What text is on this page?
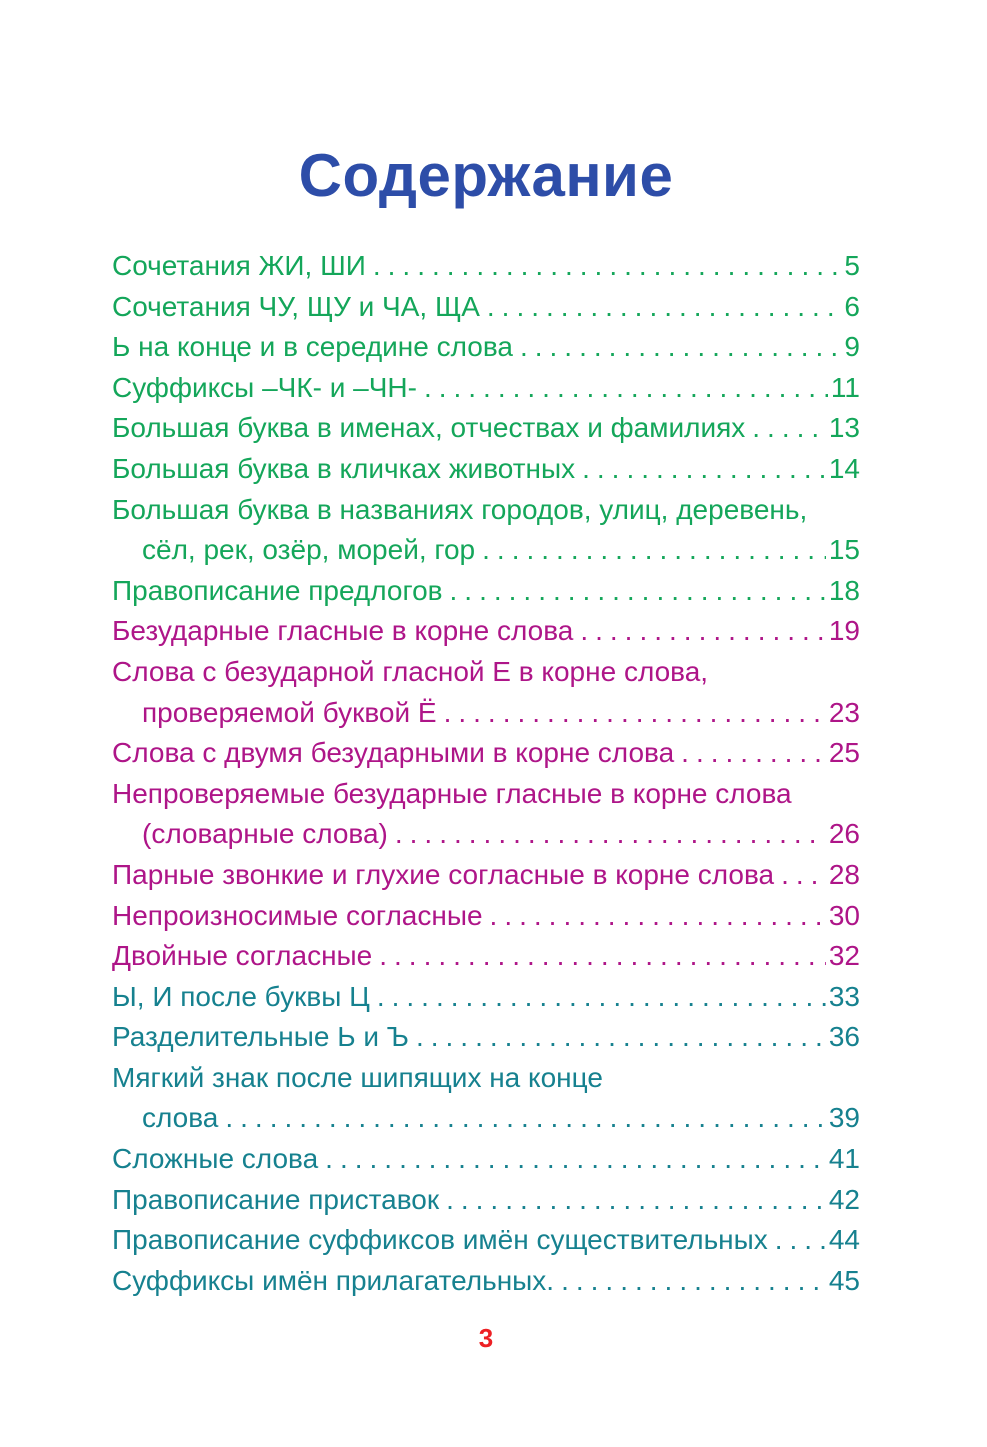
Содержание
Сочетания ЖИ, ШИ .....	5
Сочетания ЧУ, ЩУ и ЧА, ЩА .....	6
Ь на конце и в середине слова .....	9
Суффиксы –ЧК- и –ЧН- .....	11
Большая буква в именах, отчествах и фамилиях .....	13
Большая буква в кличках животных .....	14
Большая буква в названиях городов, улиц, деревень,
сёл, рек, озёр, морей, гор .....	15
Правописание предлогов .....	18
Безударные гласные в корне слова .....	19
Слова с безударной гласной Е в корне слова,
проверяемой буквой Ё .....	23
Слова с двумя безударными в корне слова .....	25
Непроверяемые безударные гласные в корне слова
(словарные слова) .....	26
Парные звонкие и глухие согласные в корне слова ..... 28
Непроизносимые согласные .....	30
Двойные согласные .....	32
Ы, И после буквы Ц .....	33
Разделительные Ь и Ъ .....	36
Мягкий знак после шипящих на конце
слова .....	39
Сложные слова .....	41
Правописание приставок .....	42
Правописание суффиксов имён существительных ..... 44
Суффиксы имён прилагательных. .....	45
3
